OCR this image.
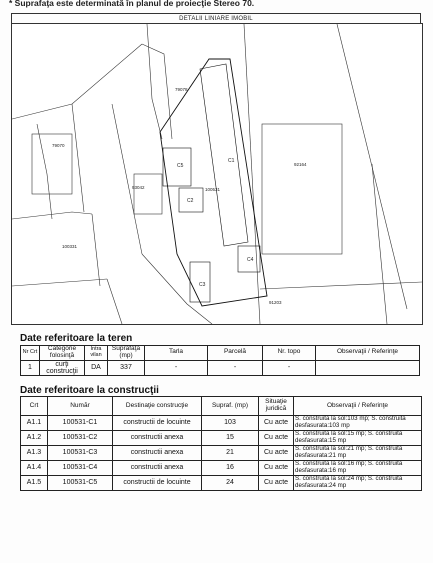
* Suprafaţa este determinată în planul de proiecţie Stereo 70.
DETALII LINIARE IMOBIL
79070
79078
93042	100531
92164
C5
C2
C1
C3
C4
100331
91203
Date referitoare la teren
Nr Crt	Categorie folosinţă	Intra vilan	Suprafaţa (mp)	Tarla	Parcelă	Nr. topo	Observaţii / Referinţe
1	curţi construcţii	DA	337	-	-	-	
Date referitoare la construcţii
Crt	Număr	Destinaţie construcţie	Supraf. (mp)	Situaţie juridică	Observaţii / Referinţe
A1.1	100531-C1	constructii de locuinte	103	Cu acte	S. construita la sol:103 mp; S. construita
desfasurata:103 mp
A1.2	100531-C2	constructii anexa	15	Cu acte	S. construita la sol:15 mp; S. construita
desfasurata:15 mp
A1.3	100531-C3	constructii anexa	21	Cu acte	S. construita la sol:21 mp; S. construita
desfasurata:21 mp
A1.4	100531-C4	constructii anexa	16	Cu acte	S. construita la sol:16 mp; S. construita
desfasurata:16 mp
A1.5	100531-C5	constructii de locuinte	24	Cu acte	S. construita la sol:24 mp; S. construita
desfasurata:24 mp
